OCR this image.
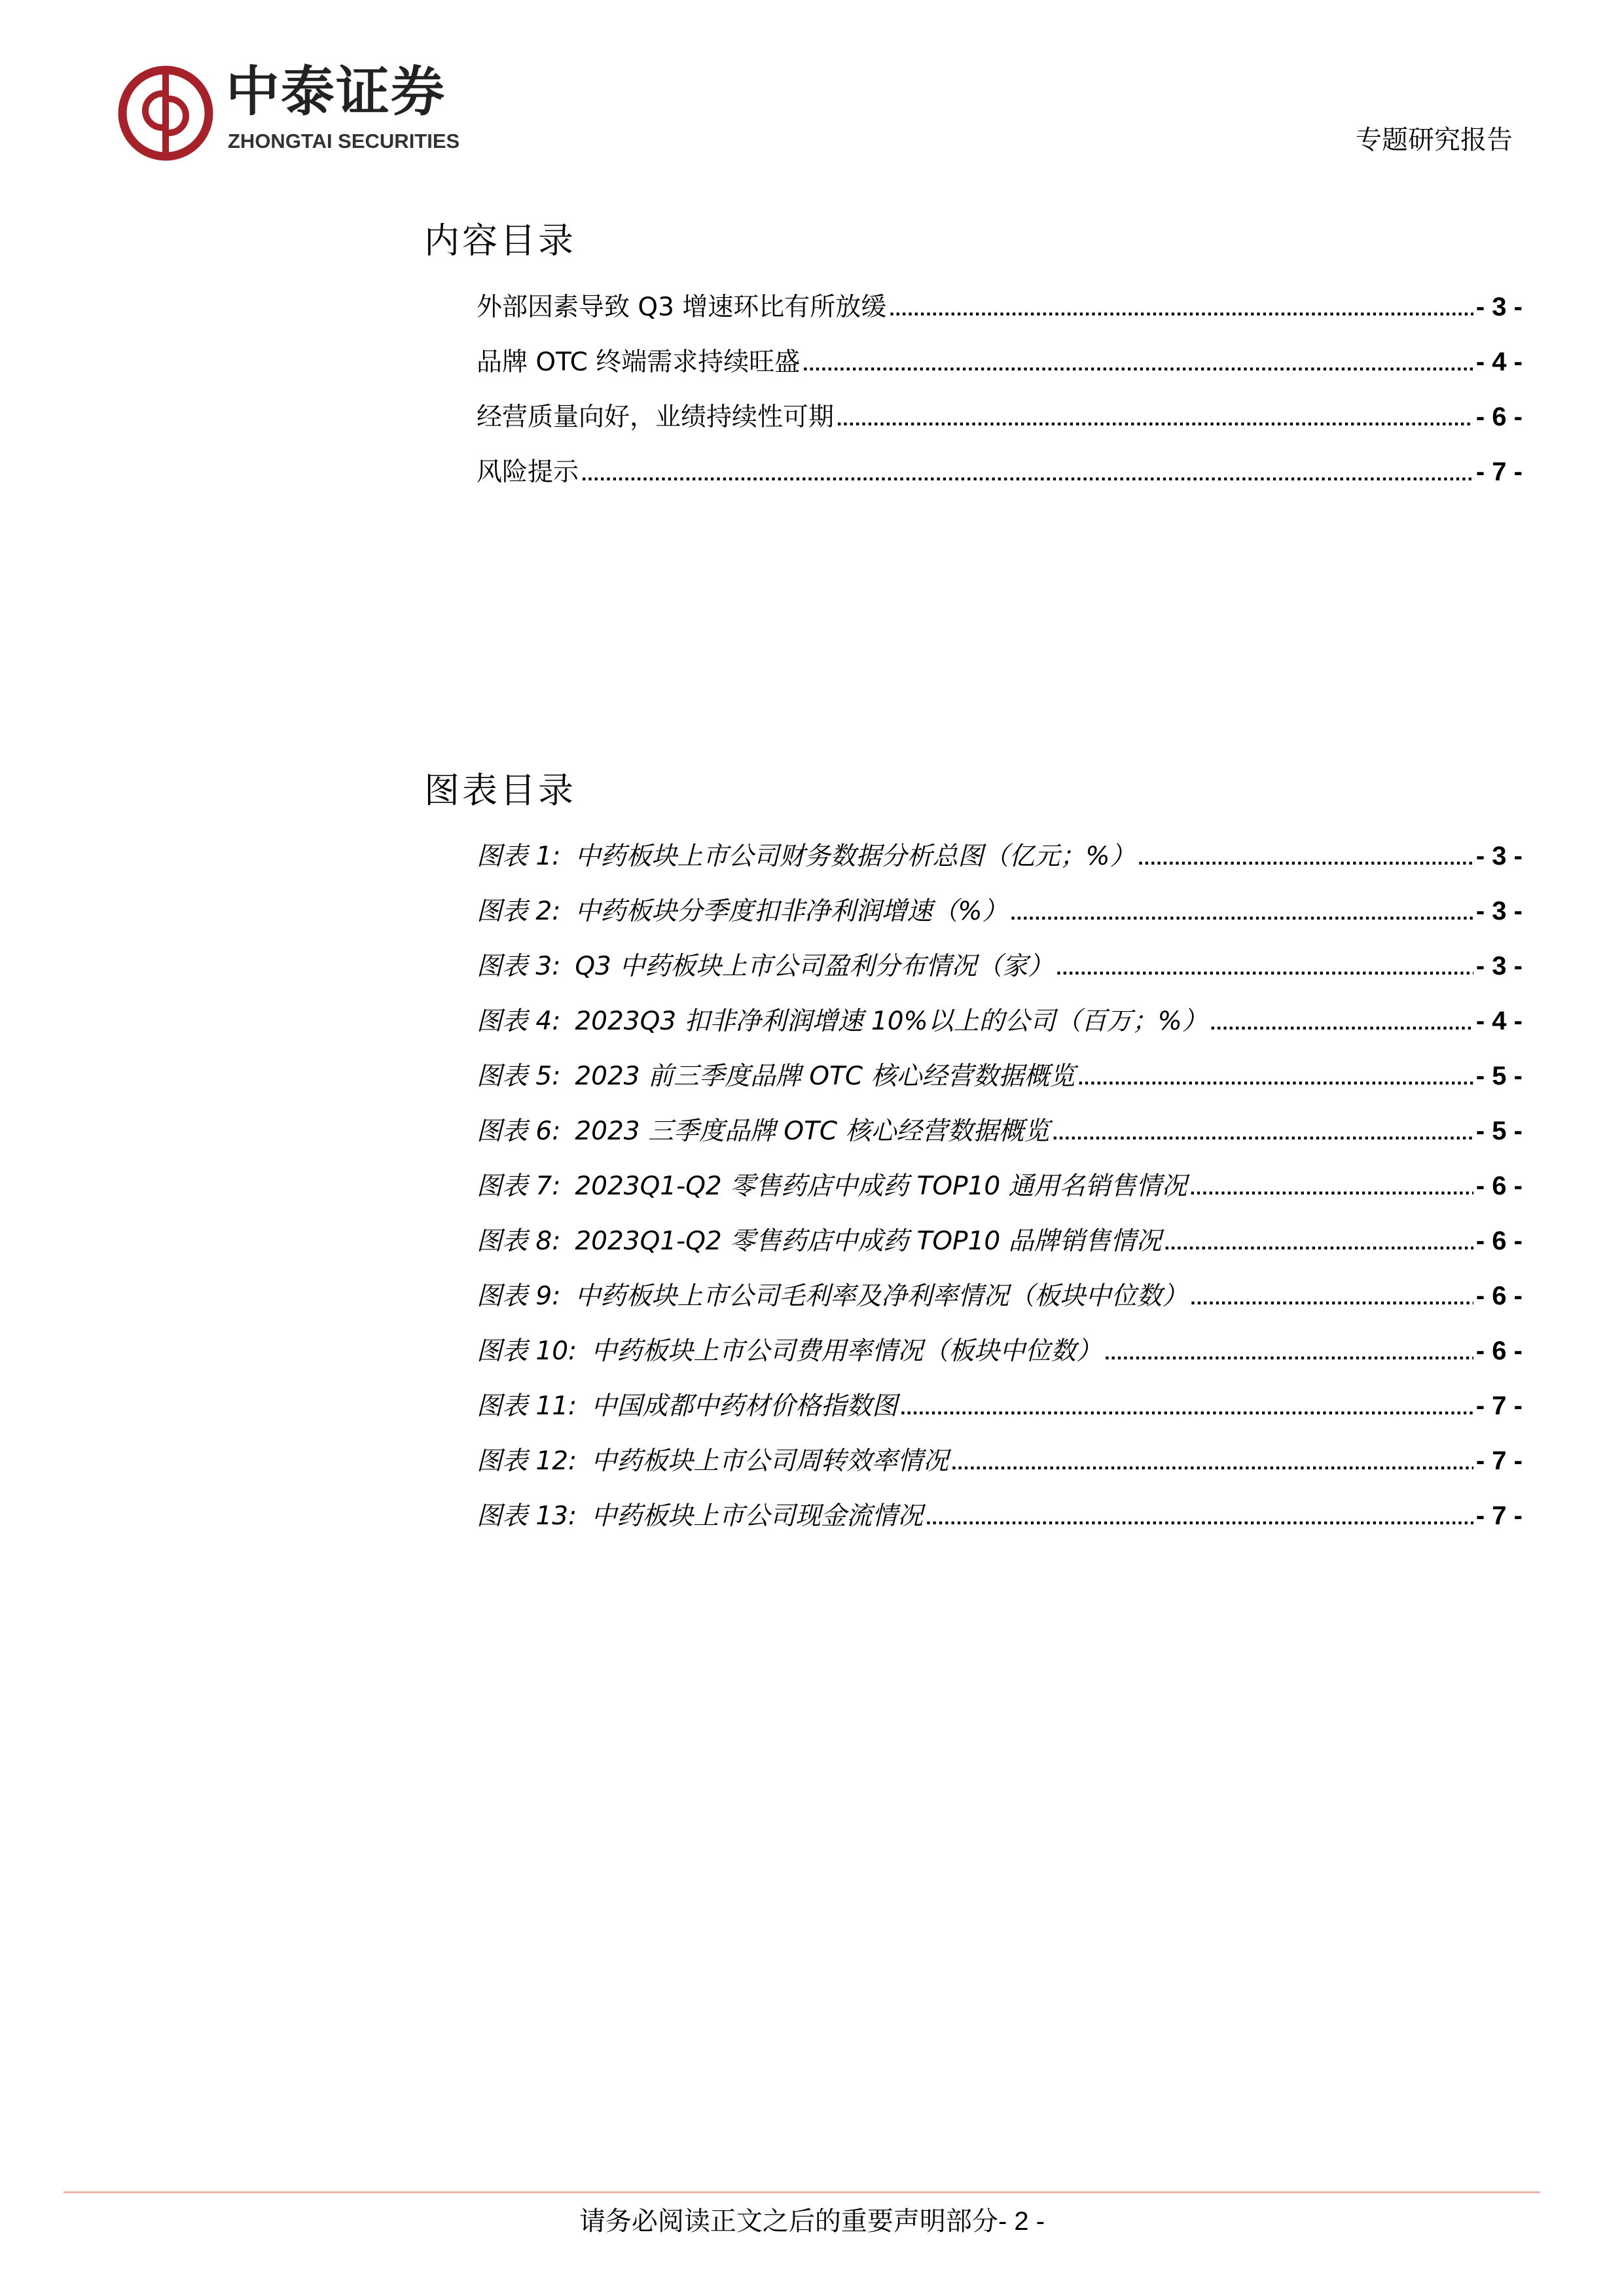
中泰证券
ZHONGTAI SECURITIES	专题研究报告
内容目录
外部因素导致 Q3 增速环比有所放缓 .....	- 3 -
品牌 OTC 终端需求持续旺盛 .....	- 4 -
经营质量向好，业绩持续性可期 .....	- 6 -
风险提示 .....	- 7 -
图表目录
图表 1: 中药板块上市公司财务数据分析总图（亿元；%） .....	- 3 -
图表 2: 中药板块分季度扣非净利润增速（%） .....	- 3 -
图表 3: Q3 中药板块上市公司盈利分布情况（家） .....	- 3 -
图表 4: 2023Q3 扣非净利润增速 10%以上的公司（百万；%） .....	- 4 -
图表 5: 2023 前三季度品牌 OTC 核心经营数据概览 .....	- 5 -
图表 6: 2023 三季度品牌 OTC 核心经营数据概览 .....	- 5 -
图表 7: 2023Q1-Q2 零售药店中成药 TOP10 通用名销售情况 .....	- 6 -
图表 8: 2023Q1-Q2 零售药店中成药 TOP10 品牌销售情况 .....	- 6 -
图表 9: 中药板块上市公司毛利率及净利率情况（板块中位数） .....	- 6 -
图表 10: 中药板块上市公司费用率情况（板块中位数） .....	- 6 -
图表 11: 中国成都中药材价格指数图 .....	- 7 -
图表 12: 中药板块上市公司周转效率情况 .....	- 7 -
图表 13: 中药板块上市公司现金流情况 .....	- 7 -
请务必阅读正文之后的重要声明部分- 2 -
